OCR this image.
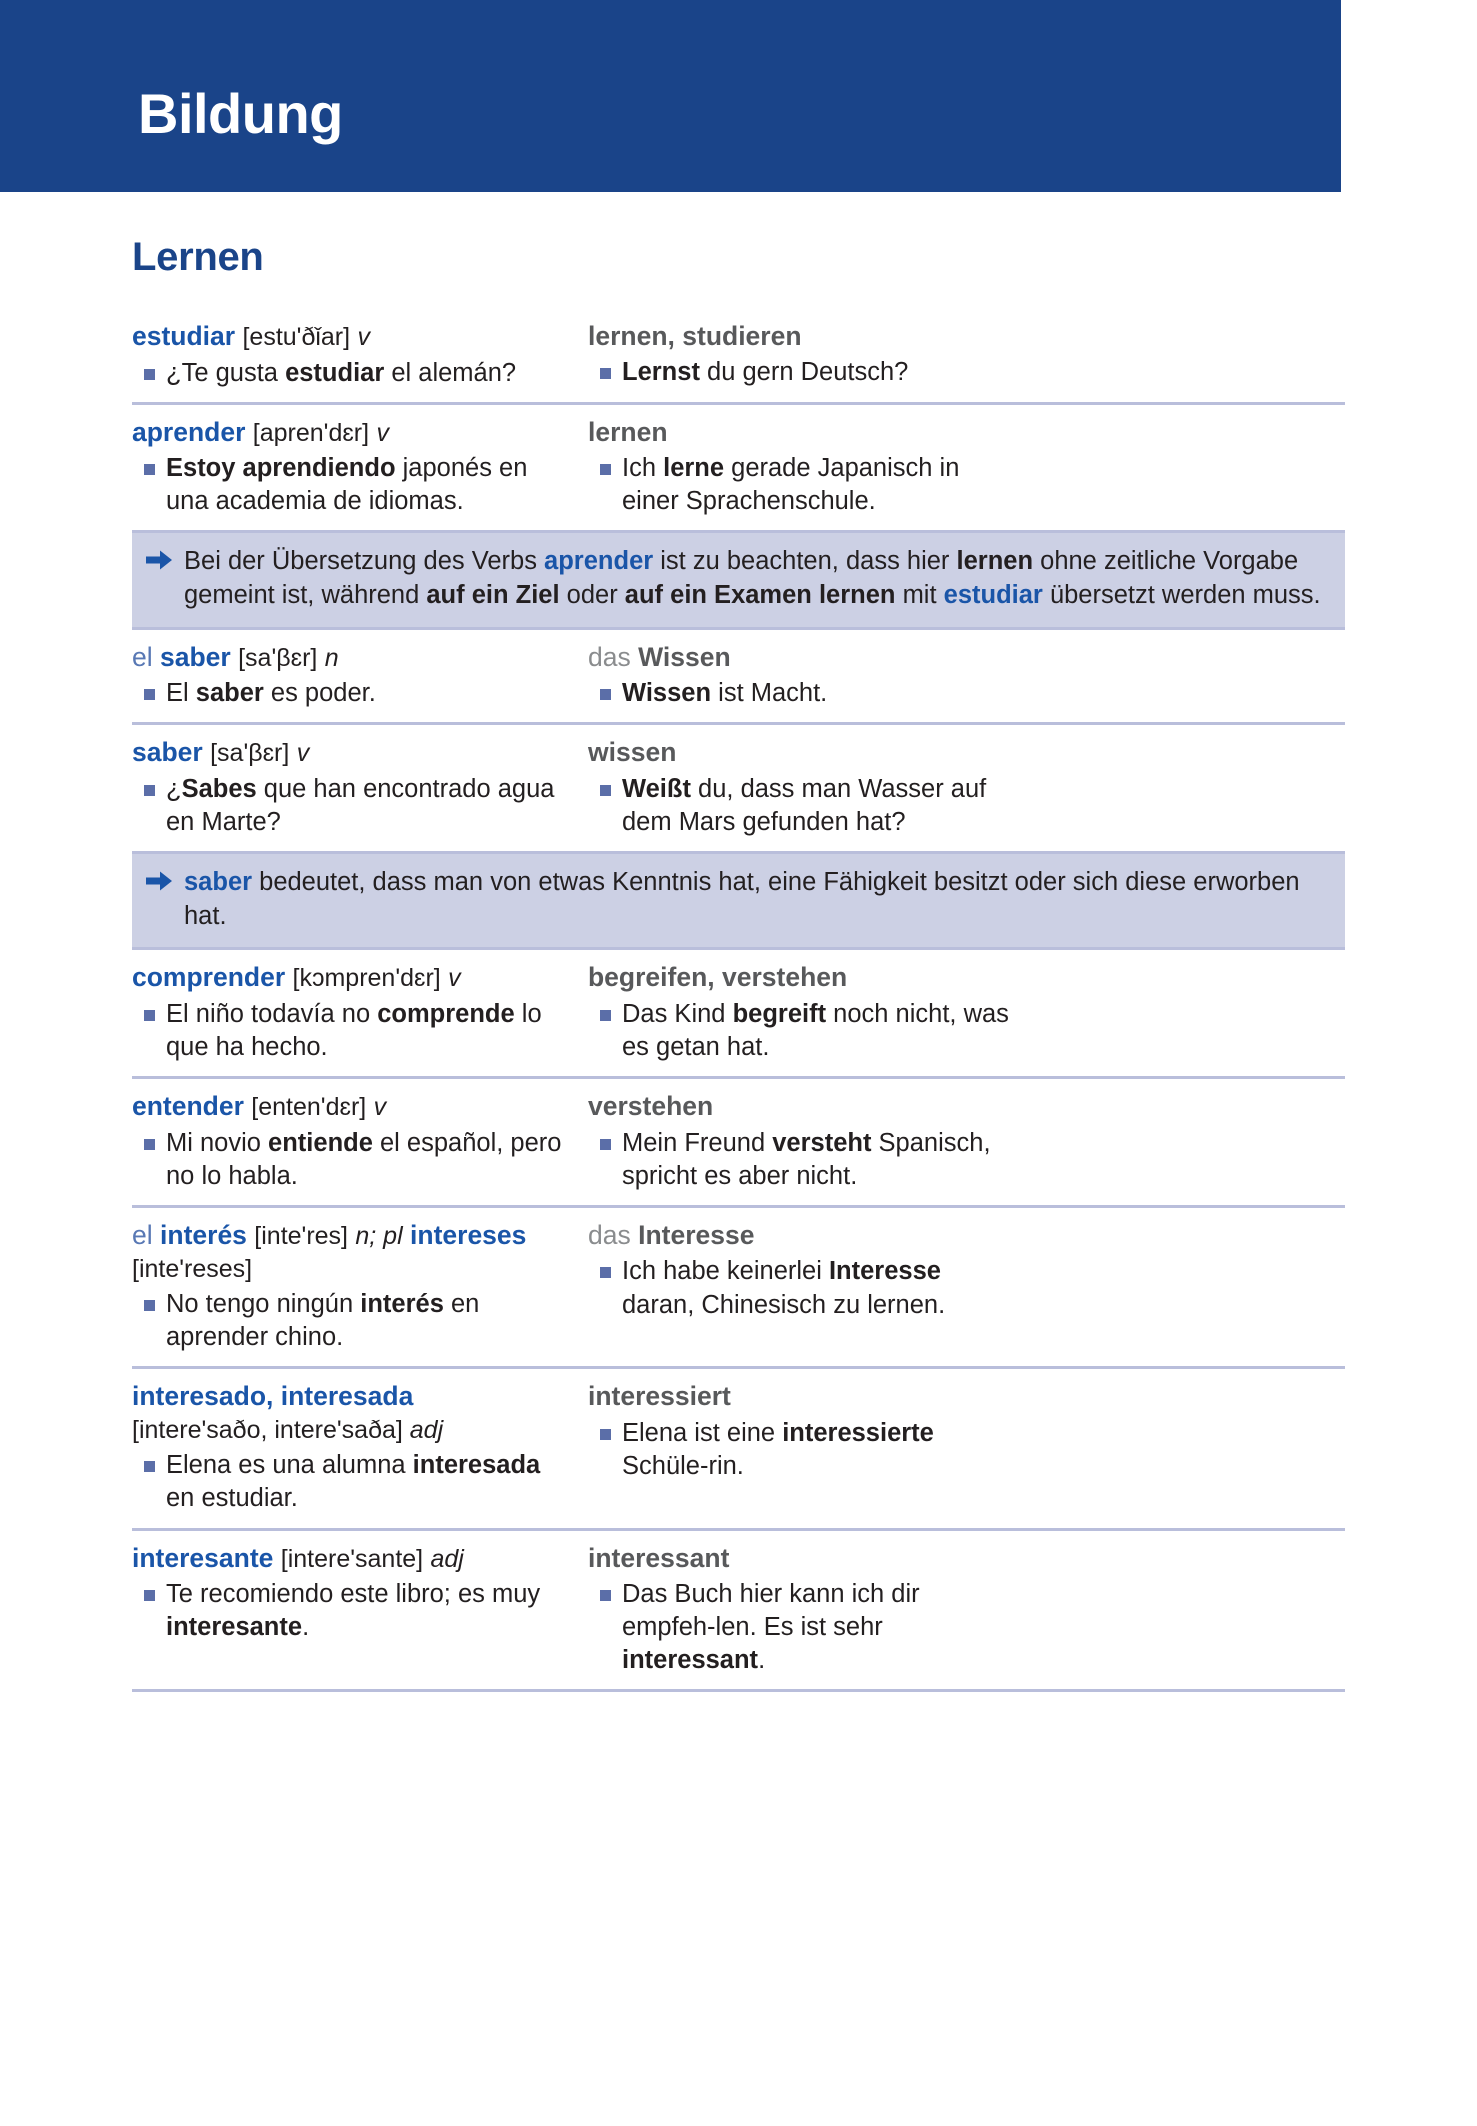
Bildung
Lernen
estudiar [estu'ðǐar] v
¿Te gusta estudiar el alemán?
lernen, studieren
Lernst du gern Deutsch?
aprender [apren'dɛr] v
Estoy aprendiendo japonés en una academia de idiomas.
lernen
Ich lerne gerade Japanisch in einer Sprachenschule.
Bei der Übersetzung des Verbs aprender ist zu beachten, dass hier lernen ohne zeitliche Vorgabe gemeint ist, während auf ein Ziel oder auf ein Examen lernen mit estudiar übersetzt werden muss.
el saber [sa'βɛr] n
El saber es poder.
das Wissen
Wissen ist Macht.
saber [sa'βɛr] v
¿Sabes que han encontrado agua en Marte?
wissen
Weißt du, dass man Wasser auf dem Mars gefunden hat?
saber bedeutet, dass man von etwas Kenntnis hat, eine Fähigkeit besitzt oder sich diese erworben hat.
comprender [kɔmpren'dɛr] v
El niño todavía no comprende lo que ha hecho.
begreifen, verstehen
Das Kind begreift noch nicht, was es getan hat.
entender [enten'dɛr] v
Mi novio entiende el español, pero no lo habla.
verstehen
Mein Freund versteht Spanisch, spricht es aber nicht.
el interés [inte'res] n; pl intereses
[inte'reses]
No tengo ningún interés en aprender chino.
das Interesse
Ich habe keinerlei Interesse daran, Chinesisch zu lernen.
interesado, interesada
[intere'saðo, intere'saða] adj
Elena es una alumna interesada en estudiar.
interessiert
Elena ist eine interessierte Schüle-rin.
interesante [intere'sante] adj
Te recomiendo este libro; es muy interesante.
interessant
Das Buch hier kann ich dir empfeh-len. Es ist sehr interessant.
